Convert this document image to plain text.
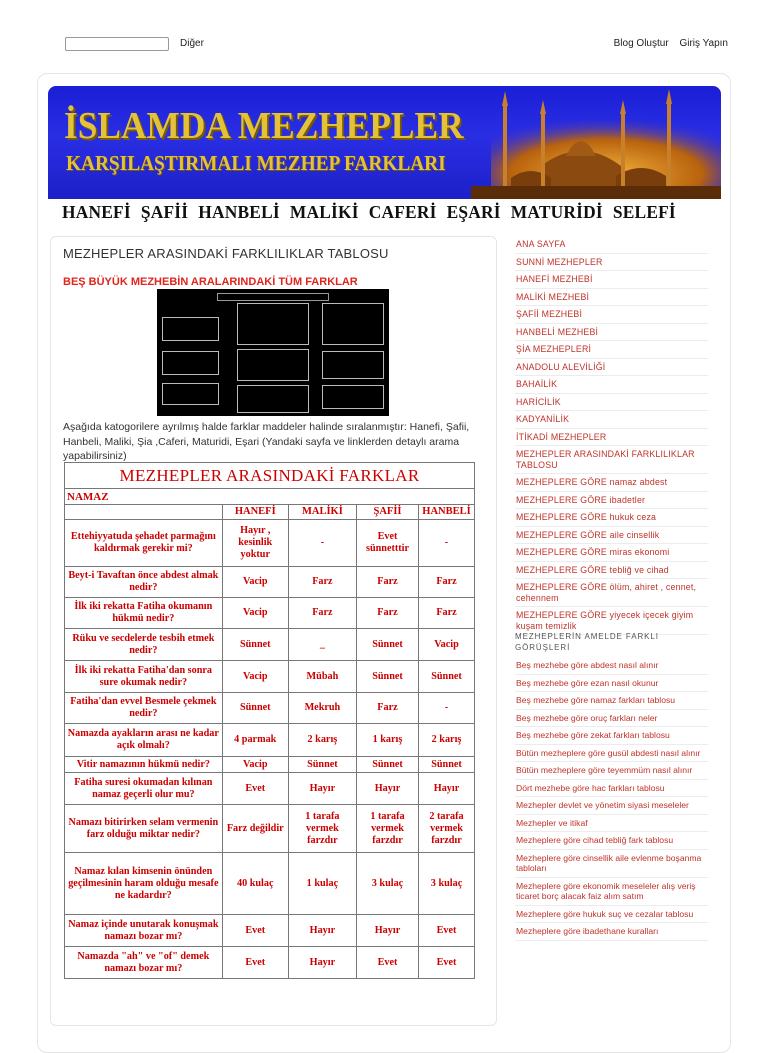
Diğer	Blog Oluştur Giriş Yapın
İSLAMDA MEZHEPLER
KARŞILAŞTIRMALI MEZHEP FARKLARI
HANEFİ ŞAFİİ HANBELİ MALİKİ CAFERİ EŞARİ MATURİDİ SELEFİ
MEZHEPLER ARASINDAKİ FARKLILIKLAR TABLOSU
BEŞ BÜYÜK MEZHEBİN ARALARINDAKİ TÜM FARKLAR
Aşağıda katogorilere ayrılmış halde farklar maddeler halinde sıralanmıştır: Hanefi, Şafii, Hanbeli, Maliki, Şia ,Caferi, Maturidi, Eşari (Yandaki sayfa ve linklerden detaylı arama yapabilirsiniz)
MEZHEPLER ARASINDAKİ FARKLAR				
NAMAZ				
	HANEFİ	MALİKİ	ŞAFİİ	HANBELİ
Ettehiyyatuda şehadet parmağını kaldırmak gerekir mi?	Hayır , kesinlik yoktur	-	Evet sünnetttir	-
Beyt-i Tavaftan önce abdest almak nedir?	Vacip	Farz	Farz	Farz
İlk iki rekatta Fatiha okumanın hükmü nedir?	Vacip	Farz	Farz	Farz
Rüku ve secdelerde tesbih etmek nedir?	Sünnet	_	Sünnet	Vacip
İlk iki rekatta Fatiha'dan sonra sure okumak nedir?	Vacip	Mübah	Sünnet	Sünnet
Fatiha'dan evvel Besmele çekmek nedir?	Sünnet	Mekruh	Farz	-
Namazda ayakların arası ne kadar açık olmalı?	4 parmak	2 karış	1 karış	2 karış
Vitir namazının hükmü nedir?	Vacip	Sünnet	Sünnet	Sünnet
Fatiha suresi okumadan kılınan namaz geçerli olur mu?	Evet	Hayır	Hayır	Hayır
Namazı bitirirken selam vermenin farz olduğu miktar nedir?	Farz değildir	1 tarafa vermek farzdır	1 tarafa vermek farzdır	2 tarafa vermek farzdır
Namaz kılan kimsenin önünden geçilmesinin haram olduğu mesafe ne kadardır?	40 kulaç	1 kulaç	3 kulaç	3 kulaç
Namaz içinde unutarak konuşmak namazı bozar mı?	Evet	Hayır	Hayır	Evet
Namazda "ah" ve "of" demek namazı bozar mı?	Evet	Hayır	Evet	Evet
ANA SAYFA
SUNNİ MEZHEPLER
HANEFİ MEZHEBİ
MALİKİ MEZHEBİ
ŞAFİİ MEZHEBİ
HANBELİ MEZHEBİ
ŞİA MEZHEPLERİ
ANADOLU ALEVİLİĞİ
BAHAİLİK
HARİCİLİK
KADYANİLİK
İTİKADİ MEZHEPLER
MEZHEPLER ARASINDAKİ FARKLILIKLAR TABLOSU
MEZHEPLERE GÖRE namaz abdest
MEZHEPLERE GÖRE ibadetler
MEZHEPLERE GÖRE hukuk ceza
MEZHEPLERE GÖRE aile cinsellik
MEZHEPLERE GÖRE miras ekonomi
MEZHEPLERE GÖRE tebliğ ve cihad
MEZHEPLERE GÖRE ölüm, ahiret , cennet, cehennem
MEZHEPLERE GÖRE yiyecek içecek giyim kuşam temizlik
MEZHEPLERİN AMELDE FARKLI GÖRÜŞLERİ
Beş mezhebe göre abdest nasıl alınır
Beş mezhebe göre ezan nasıl okunur
Beş mezhebe göre namaz farkları tablosu
Beş mezhebe göre oruç farkları neler
Beş mezhebe göre zekat farkları tablosu
Bütün mezheplere göre gusül abdesti nasıl alınır
Bütün mezheplere göre teyemmüm nasıl alınır
Dört mezhebe göre hac farkları tablosu
Mezhepler devlet ve yönetim siyasi meseleler
Mezhepler ve itikaf
Mezheplere göre cihad tebliğ fark tablosu
Mezheplere göre cinsellik aile evlenme boşanma tabloları
Mezheplere göre ekonomik meseleler alış veriş ticaret borç alacak faiz alım satım
Mezheplere göre hukuk suç ve cezalar tablosu
Mezheplere göre ibadethane kuralları
